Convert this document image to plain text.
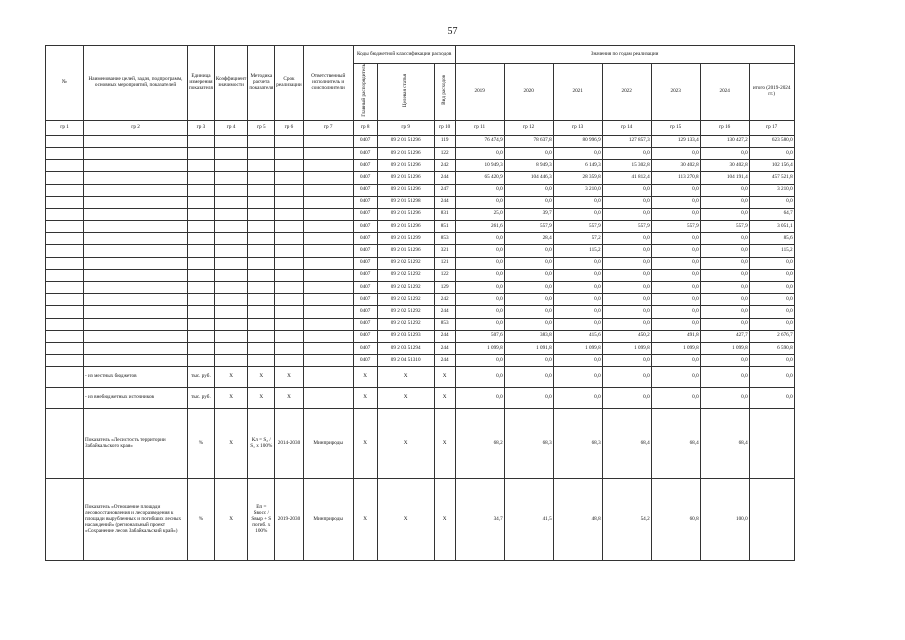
57
№	Наименование целей, задач, подпрограмм, основных мероприятий, показателей	Единица измерения показателя	Коэффициент значимости	Методика расчета показателя	Срок реализации	Ответственный исполнитель и соисполнители	Коды бюджетной классификации расходов			Значения по годам реализации						
							Главный распорядитель	Целевая статья	Вид расходов	2019	2020	2021	2022	2023	2024	итого (2019-2024 гг.)
гр 1	гр 2	гр 3	гр 4	гр 5	гр 6	гр 7	гр 8	гр 9	гр 10	гр 11	гр 12	гр 13	гр 14	гр 15	гр 16	гр 17
							0407	09 2 01 51296	119	76 474,9	78 637,8	80 996,9	127 857,3	129 133,4	130 427,2	623 580,0
							0407	09 2 01 51296	122	0,0	0,0	0,0	0,0	0,0	0,0	0,0
							0407	09 2 01 51296	242	10 949,3	8 949,3	6 149,3	15 302,8	30 402,8	30 402,8	102 156,4
							0407	09 2 01 51296	244	65 420,9	104 446,3	28 359,8	41 812,4	113 270,8	104 191,4	457 521,8
							0407	09 2 01 51296	247	0,0	0,0	3 210,0	0,0	0,0	0,0	3 210,0
							0407	09 2 01 51298	244	0,0	0,0	0,0	0,0	0,0	0,0	0,0
							0407	09 2 01 51296	831	25,0	39,7	0,0	0,0	0,0	0,0	64,7
							0407	09 2 01 51296	851	261,6	557,9	557,9	557,9	557,9	557,9	3 051,1
							0407	09 2 01 51299	853	0,0	28,4	57,2	0,0	0,0	0,0	85,6
							0407	09 2 01 51296	321	0,0	0,0	115,2	0,0	0,0	0,0	115,2
							0407	09 2 02 51292	121	0,0	0,0	0,0	0,0	0,0	0,0	0,0
							0407	09 2 02 51292	122	0,0	0,0	0,0	0,0	0,0	0,0	0,0
							0407	09 2 02 51292	129	0,0	0,0	0,0	0,0	0,0	0,0	0,0
							0407	09 2 02 51292	242	0,0	0,0	0,0	0,0	0,0	0,0	0,0
							0407	09 2 02 51292	244	0,0	0,0	0,0	0,0	0,0	0,0	0,0
							0407	09 2 02 51292	853	0,0	0,0	0,0	0,0	0,0	0,0	0,0
							0407	09 2 03 51293	244	507,6	383,8	415,6	450,2	491,8	427,7	2 676,7
							0407	09 2 03 51294	244	1 099,8	1 091,8	1 099,8	1 099,8	1 099,8	1 099,8	6 590,8
							0407	09 2 04 51310	244	0,0	0,0	0,0	0,0	0,0	0,0	0,0
	- из местных бюджетов	тыс. руб.	X	X	X		X	X	X	0,0	0,0	0,0	0,0	0,0	0,0	0,0
	- из внебюджетных источников	тыс. руб.	X	X	X		X	X	X	0,0	0,0	0,0	0,0	0,0	0,0	0,0
	Показатель «Лесистость территории Забайкальского края»	%	X	Кл = S₂ / S₁ x 100%	2014-2030	Минприроды	X	X	X	68,2	68,3	68,3	68,4	68,4	68,4	
	Показатель «Отношение площади лесовосстановления и лесоразведения к площади вырубленных и погибших лесных насаждений» (региональный проект «Сохранение лесов Забайкальский край»)	%	X	Еп = Sвосс / Sвыр + S погиб. x 100%	2019-2030	Минприроды	X	X	X	34,7	41,5	48,8	54,2	60,8	100,0	
